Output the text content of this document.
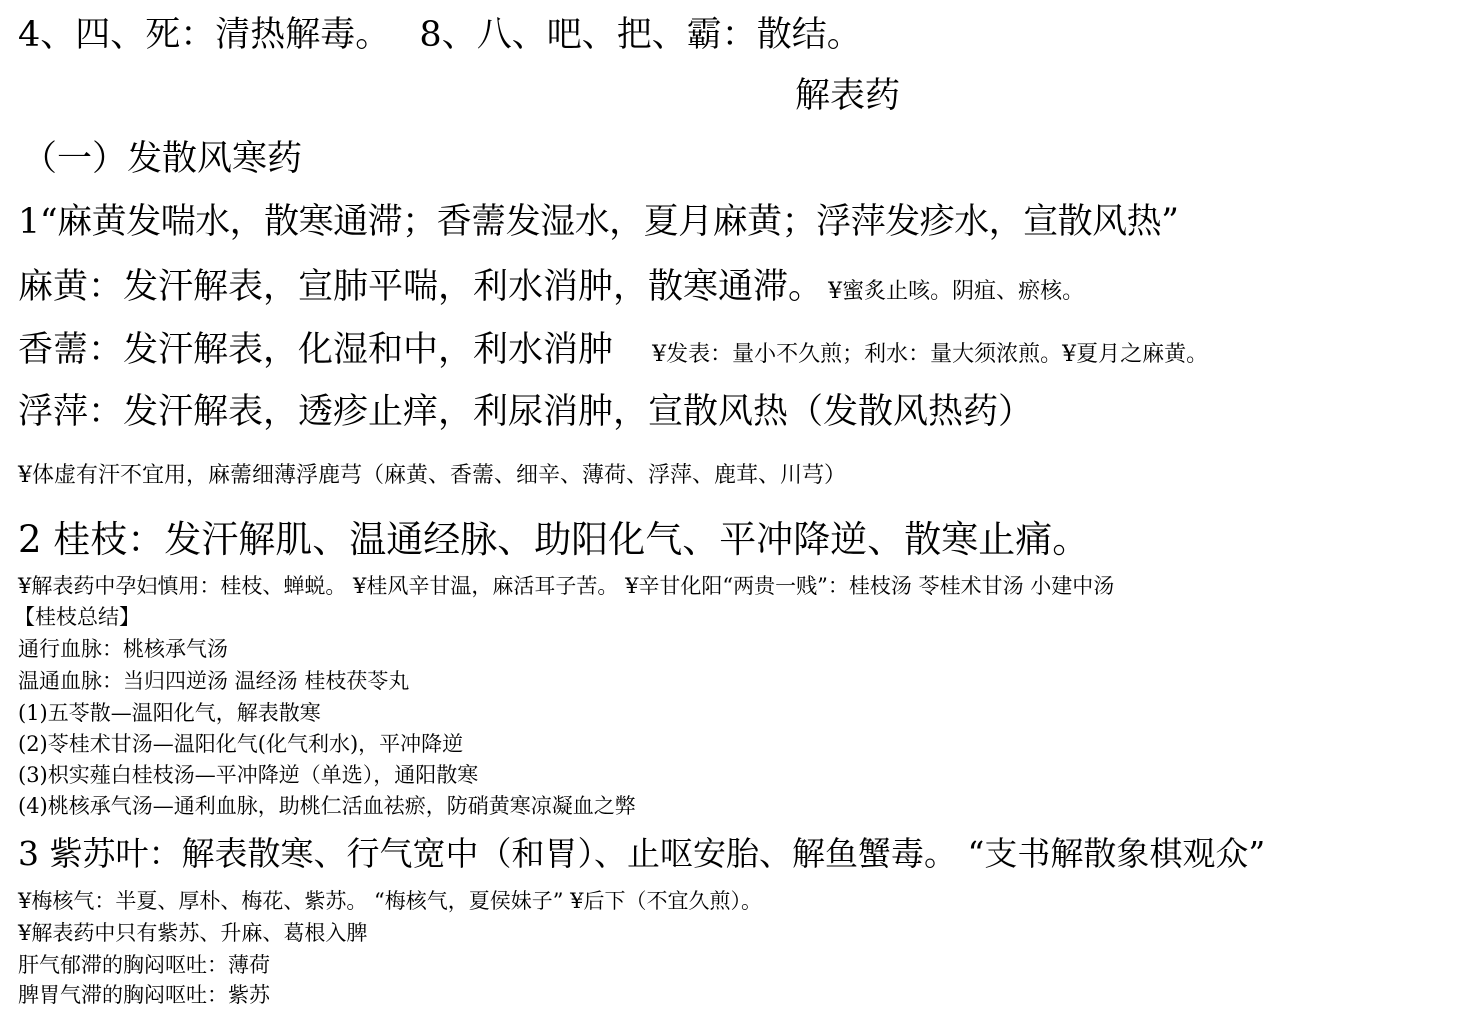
4、四、死：清热解毒。 8、八、吧、把、霸：散结。
解表药
（一）发散风寒药
1“麻黄发喘水，散寒通滞；香薷发湿水，夏月麻黄；浮萍发疹水，宣散风热”
麻黄：发汗解表，宣肺平喘，利水消肿，散寒通滞。 ¥蜜炙止咳。阴疽、瘀核。
香薷：发汗解表，化湿和中，利水消肿 ¥发表：量小不久煎；利水：量大须浓煎。¥夏月之麻黄。
浮萍：发汗解表，透疹止痒，利尿消肿，宣散风热（发散风热药）
¥体虚有汗不宜用，麻薷细薄浮鹿芎（麻黄、香薷、细辛、薄荷、浮萍、鹿茸、川芎）
2 桂枝：发汗解肌、温通经脉、助阳化气、平冲降逆、散寒止痛。
¥解表药中孕妇慎用：桂枝、蝉蜕。 ¥桂风辛甘温，麻活耳子苦。 ¥辛甘化阳“两贵一贱”：桂枝汤 苓桂术甘汤 小建中汤
【桂枝总结】
通行血脉：桃核承气汤
温通血脉：当归四逆汤 温经汤 桂枝茯苓丸
(1)五苓散—温阳化气，解表散寒
(2)苓桂术甘汤—温阳化气(化气利水)，平冲降逆
(3)枳实薤白桂枝汤—平冲降逆（单选），通阳散寒
(4)桃核承气汤—通利血脉，助桃仁活血祛瘀，防硝黄寒凉凝血之弊
3 紫苏叶：解表散寒、行气宽中（和胃）、止呕安胎、解鱼蟹毒。 “支书解散象棋观众”
¥梅核气：半夏、厚朴、梅花、紫苏。 “梅核气，夏侯妹子” ¥后下（不宜久煎）。
¥解表药中只有紫苏、升麻、葛根入脾
肝气郁滞的胸闷呕吐：薄荷
脾胃气滞的胸闷呕吐：紫苏
